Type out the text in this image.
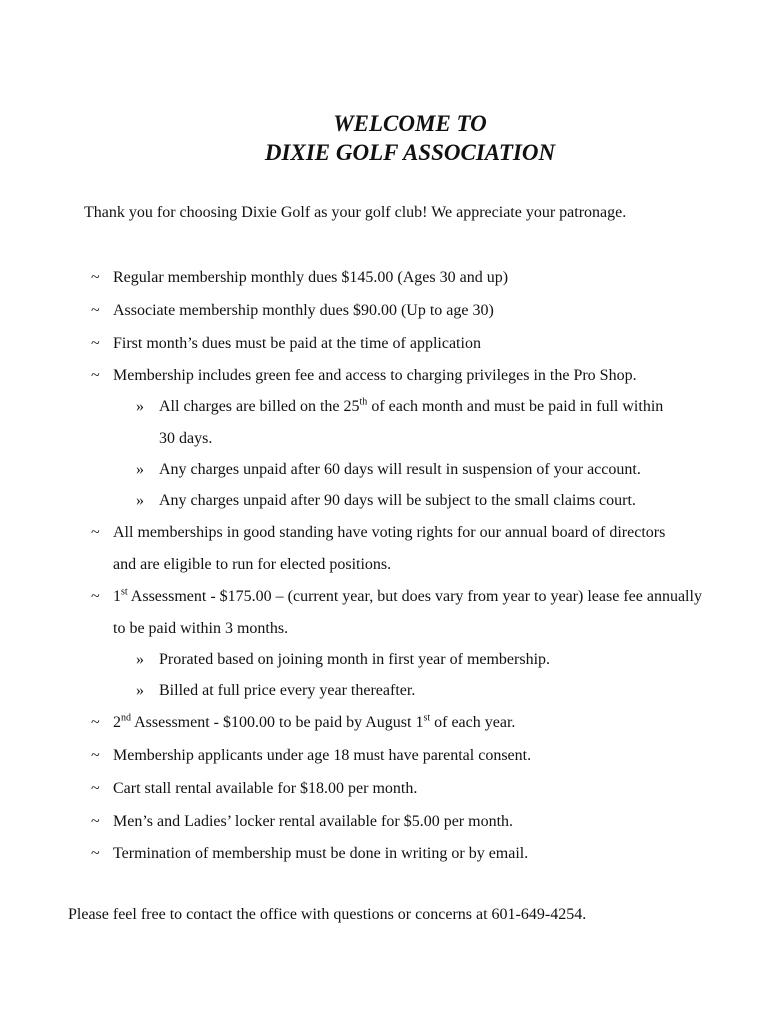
WELCOME TO
DIXIE GOLF ASSOCIATION

Thank you for choosing Dixie Golf as your golf club! We appreciate your patronage.

~ Regular membership monthly dues $145.00 (Ages 30 and up)
~ Associate membership monthly dues $90.00 (Up to age 30)
~ First month’s dues must be paid at the time of application
~ Membership includes green fee and access to charging privileges in the Pro Shop.
» All charges are billed on the 25th of each month and must be paid in full within 30 days.
» Any charges unpaid after 60 days will result in suspension of your account.
» Any charges unpaid after 90 days will be subject to the small claims court.
~ All memberships in good standing have voting rights for our annual board of directors and are eligible to run for elected positions.
~ 1st Assessment - $175.00 – (current year, but does vary from year to year) lease fee annually to be paid within 3 months.
» Prorated based on joining month in first year of membership.
» Billed at full price every year thereafter.
~ 2nd Assessment - $100.00 to be paid by August 1st of each year.
~ Membership applicants under age 18 must have parental consent.
~ Cart stall rental available for $18.00 per month.
~ Men’s and Ladies’ locker rental available for $5.00 per month.
~ Termination of membership must be done in writing or by email.

Please feel free to contact the office with questions or concerns at 601-649-4254.
